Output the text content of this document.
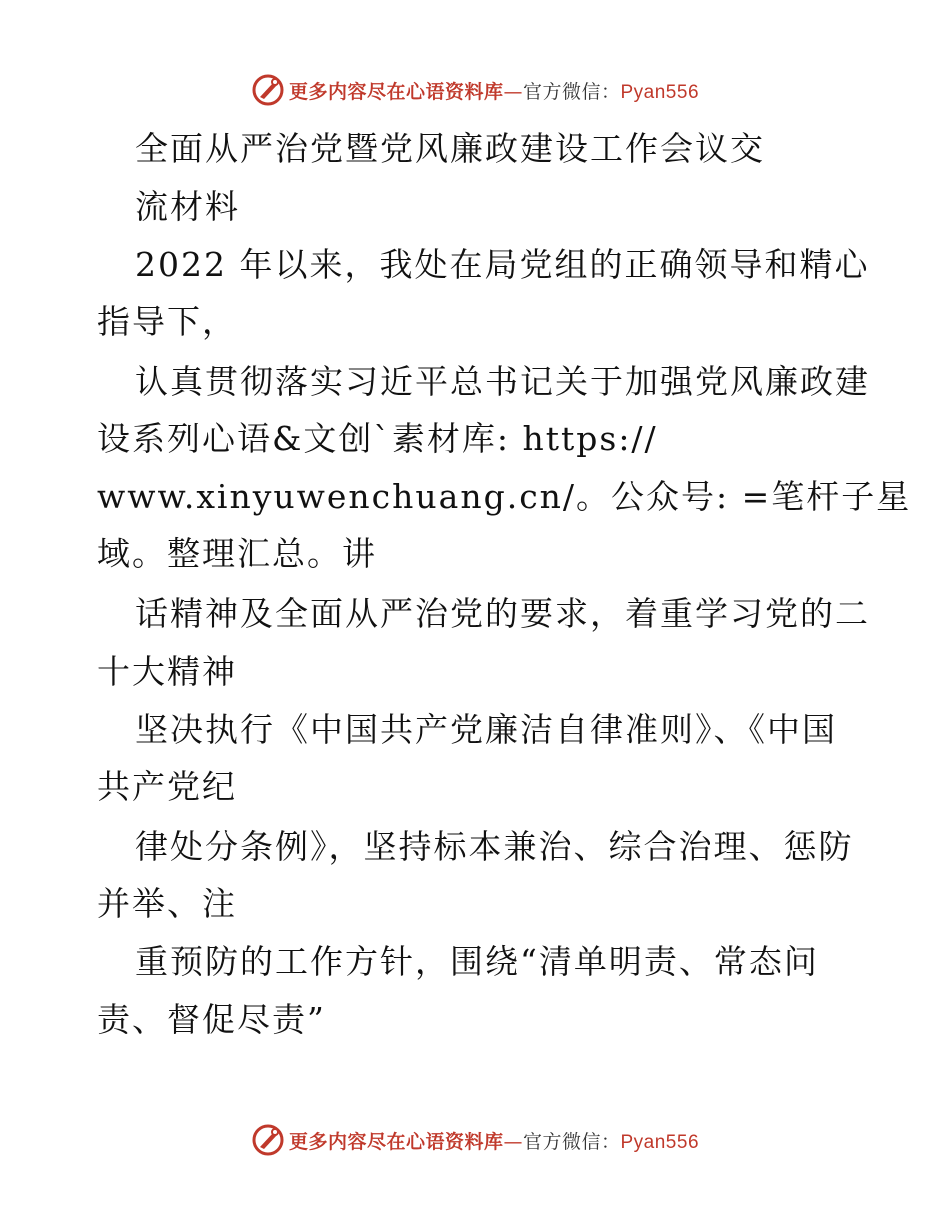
更多内容尽在心语资料库—官方微信：Pyan556
全面从严治党暨党风廉政建设工作会议交
流材料
2022 年以来，我处在局党组的正确领导和精心
指导下，
认真贯彻落实习近平总书记关于加强党风廉政建
设系列心语&文创`素材库: https://
www.xinyuwenchuang.cn/。公众号: =笔杆子星
域。整理汇总。讲
话精神及全面从严治党的要求，着重学习党的二
十大精神
坚决执行《中国共产党廉洁自律准则》、《中国
共产党纪
律处分条例》，坚持标本兼治、综合治理、惩防
并举、注
重预防的工作方针，围绕“清单明责、常态问
责、督促尽责”
更多内容尽在心语资料库—官方微信：Pyan556
